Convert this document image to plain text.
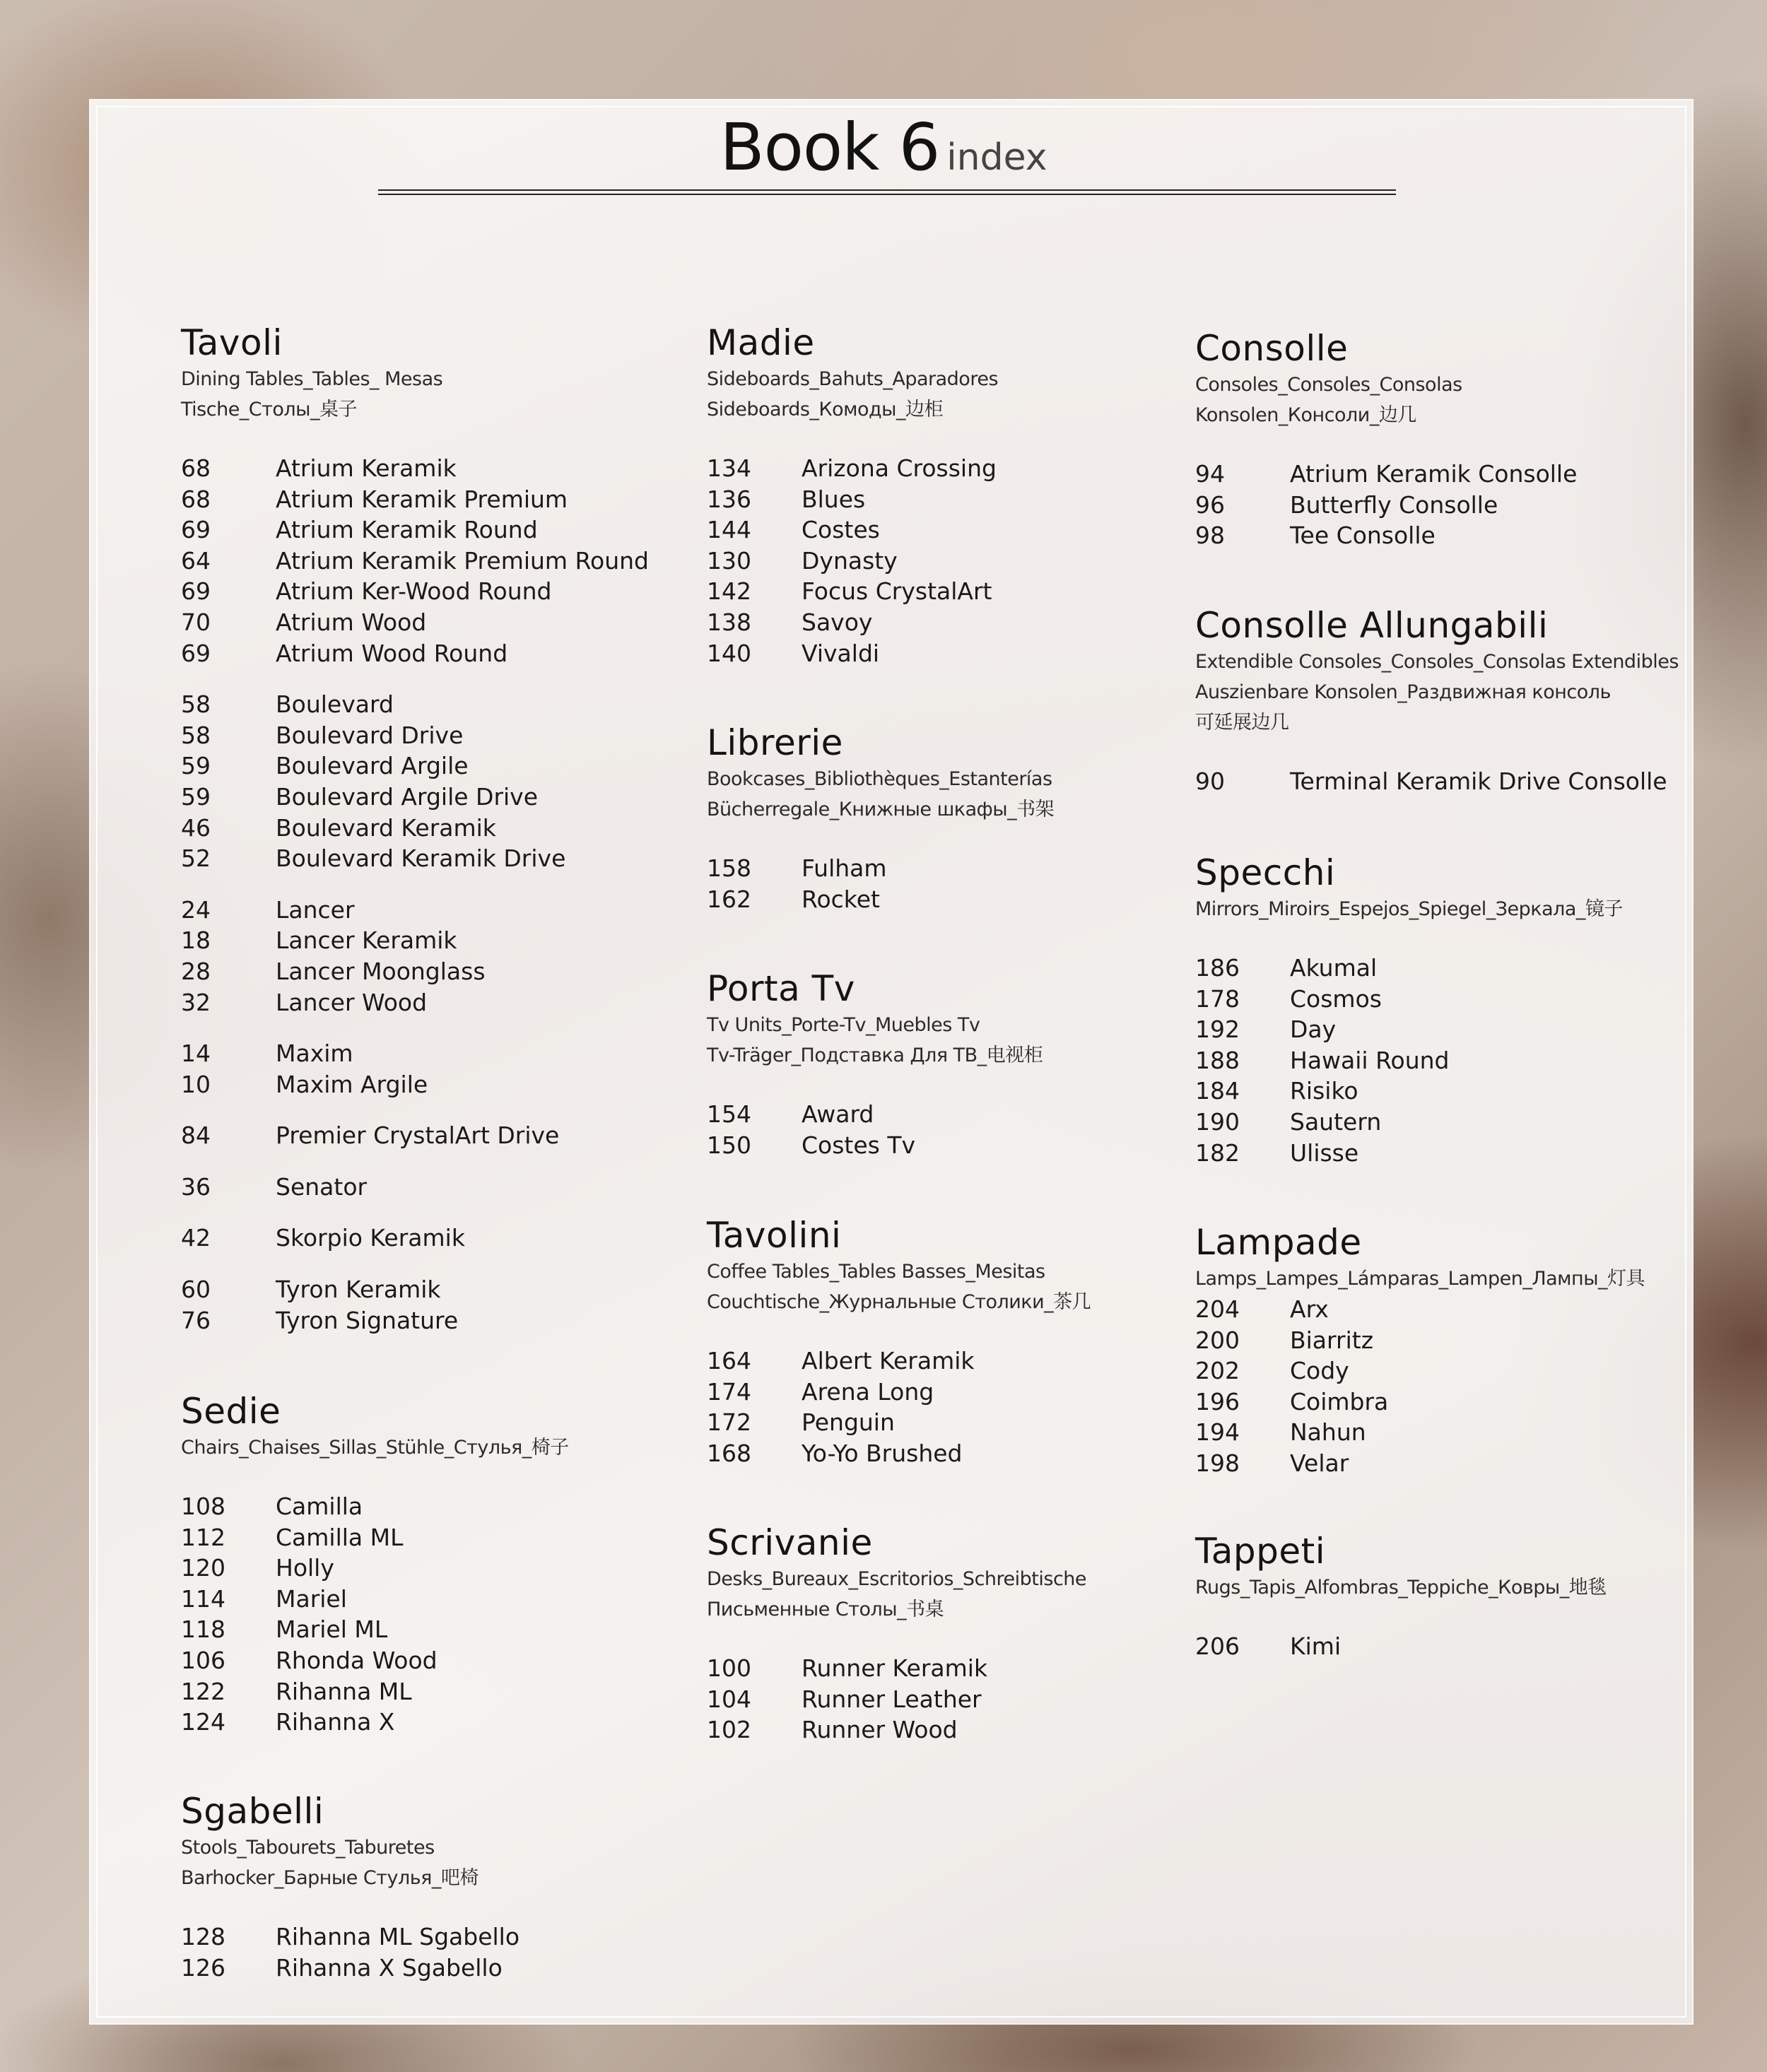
Book 6 index
Tavoli
Dining Tables_Tables_ Mesas
Tische_Столы_桌子
68	Atrium Keramik
68	Atrium Keramik Premium
69	Atrium Keramik Round
64	Atrium Keramik Premium Round
69	Atrium Ker-Wood Round
70	Atrium Wood
69	Atrium Wood Round
58	Boulevard
58	Boulevard Drive
59	Boulevard Argile
59	Boulevard Argile Drive
46	Boulevard Keramik
52	Boulevard Keramik Drive
24	Lancer
18	Lancer Keramik
28	Lancer Moonglass
32	Lancer Wood
14	Maxim
10	Maxim Argile
84	Premier CrystalArt Drive
36	Senator
42	Skorpio Keramik
60	Tyron Keramik
76	Tyron Signature
Sedie
Chairs_Chaises_Sillas_Stühle_Стулья_椅子
108 Camilla
112 Camilla ML
120 Holly
114 Mariel
118 Mariel ML
106 Rhonda Wood
122 Rihanna ML
124 Rihanna X
Sgabelli
Stools_Tabourets_Taburetes
Barhocker_Барные Стулья_吧椅
128 Rihanna ML Sgabello
126 Rihanna X Sgabello
Madie
Sideboards_Bahuts_Aparadores
Sideboards_Комоды_边柜
134 Arizona Crossing
136 Blues
144 Costes
130 Dynasty
142 Focus CrystalArt
138 Savoy
140 Vivaldi
Librerie
Bookcases_Bibliothèques_Estanterías
Bücherregale_Книжные шкафы_书架
158 Fulham
162 Rocket
Porta Tv
Tv Units_Porte-Tv_Muebles Tv
Tv-Träger_Подставка Для ТВ_电视柜
154 Award
150 Costes Tv
Tavolini
Coffee Tables_Tables Basses_Mesitas
Couchtische_Журнальные Столики_茶几
164 Albert Keramik
174 Arena Long
172 Penguin
168 Yo-Yo Brushed
Scrivanie
Desks_Bureaux_Escritorios_Schreibtische
Письменные Столы_书桌
100 Runner Keramik
104 Runner Leather
102 Runner Wood
Consolle
Consoles_Consoles_Consolas
Konsolen_Консоли_边几
94	Atrium Keramik Consolle
96	Butterfly Consolle
98	Tee Consolle
Consolle Allungabili
Extendible Consoles_Consoles_Consolas Extendibles
Auszienbare Konsolen_Раздвижная консоль
可延展边几
90	Terminal Keramik Drive Consolle
Specchi
Mirrors_Miroirs_Espejos_Spiegel_Зеркала_镜子
186 Akumal
178 Cosmos
192 Day
188 Hawaii Round
184 Risiko
190 Sautern
182 Ulisse
Lampade
Lamps_Lampes_Lámparas_Lampen_Лампы_灯具
204 Arx
200 Biarritz
202 Cody
196 Coimbra
194 Nahun
198 Velar
Tappeti
Rugs_Tapis_Alfombras_Teppiche_Ковры_地毯
206 Kimi
